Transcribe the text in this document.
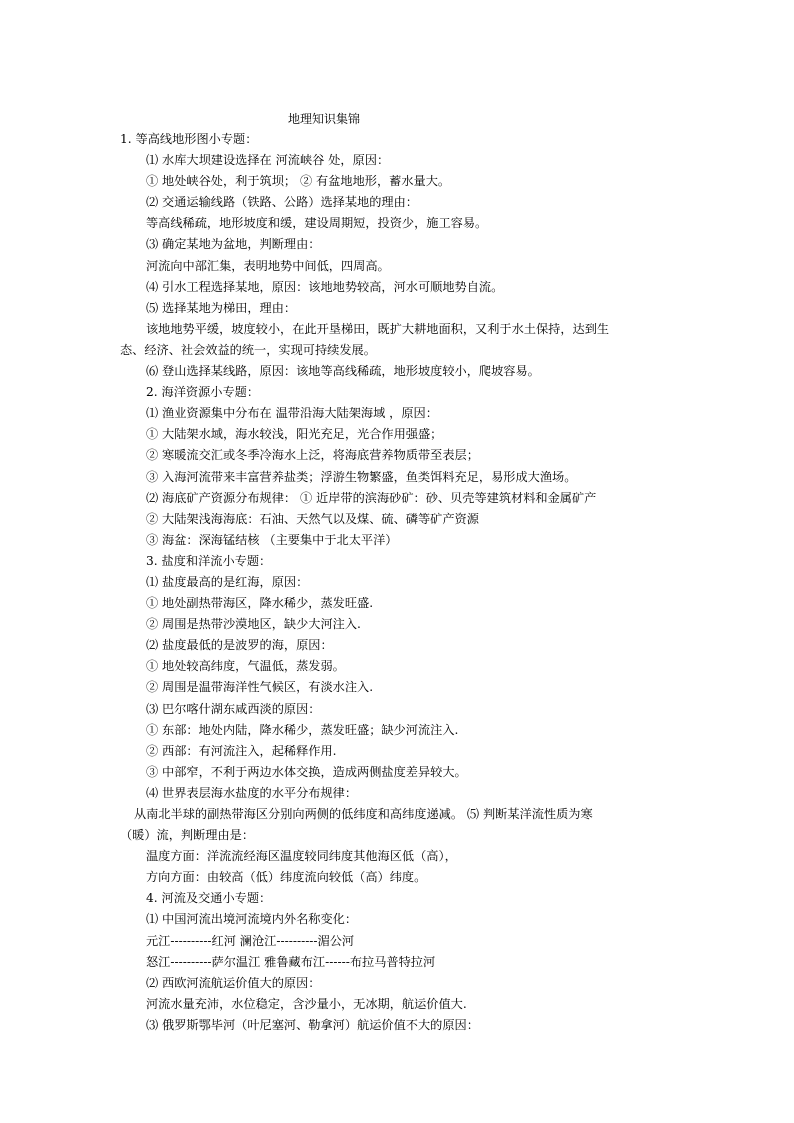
地理知识集锦
1. 等高线地形图小专题：
⑴ 水库大坝建设选择在 河流峡谷 处，原因：
① 地处峡谷处，利于筑坝； ② 有盆地地形，蓄水量大。
⑵ 交通运输线路（铁路、公路）选择某地的理由：
等高线稀疏，地形坡度和缓，建设周期短，投资少，施工容易。
⑶ 确定某地为盆地，判断理由：
河流向中部汇集，表明地势中间低，四周高。
⑷ 引水工程选择某地，原因：该地地势较高，河水可顺地势自流。
⑸ 选择某地为梯田，理由：
该地地势平缓，坡度较小，在此开垦梯田，既扩大耕地面积，又利于水土保持，达到生
态、经济、社会效益的统一，实现可持续发展。
⑹ 登山选择某线路，原因：该地等高线稀疏，地形坡度较小，爬坡容易。
2. 海洋资源小专题：
⑴ 渔业资源集中分布在 温带沿海大陆架海域 ，原因：
① 大陆架水域，海水较浅，阳光充足，光合作用强盛；
② 寒暖流交汇或冬季冷海水上泛，将海底营养物质带至表层；
③ 入海河流带来丰富营养盐类；浮游生物繁盛，鱼类饵料充足，易形成大渔场。
⑵ 海底矿产资源分布规律： ① 近岸带的滨海砂矿：砂、贝壳等建筑材料和金属矿产
② 大陆架浅海海底：石油、天然气以及煤、硫、磷等矿产资源
③ 海盆：深海锰结核 （主要集中于北太平洋）
3. 盐度和洋流小专题：
⑴ 盐度最高的是红海，原因：
① 地处副热带海区，降水稀少，蒸发旺盛.
② 周围是热带沙漠地区，缺少大河注入.
⑵ 盐度最低的是波罗的海，原因：
① 地处较高纬度，气温低，蒸发弱。
② 周围是温带海洋性气候区，有淡水注入.
⑶ 巴尔喀什湖东咸西淡的原因：
① 东部：地处内陆，降水稀少，蒸发旺盛；缺少河流注入.
② 西部：有河流注入，起稀释作用.
③ 中部窄，不利于两边水体交换，造成两侧盐度差异较大。
⑷ 世界表层海水盐度的水平分布规律：
从南北半球的副热带海区分别向两侧的低纬度和高纬度递减。 ⑸ 判断某洋流性质为寒
（暖）流，判断理由是：
温度方面：洋流流经海区温度较同纬度其他海区低（高），
方向方面：由较高（低）纬度流向较低（高）纬度。
4. 河流及交通小专题：
⑴ 中国河流出境河流境内外名称变化：
元江----------红河 澜沧江----------湄公河
怒江----------萨尔温江 雅鲁藏布江------布拉马普特拉河
⑵ 西欧河流航运价值大的原因：
河流水量充沛，水位稳定，含沙量小，无冰期，航运价值大.
⑶ 俄罗斯鄂毕河（叶尼塞河、勒拿河）航运价值不大的原因：
